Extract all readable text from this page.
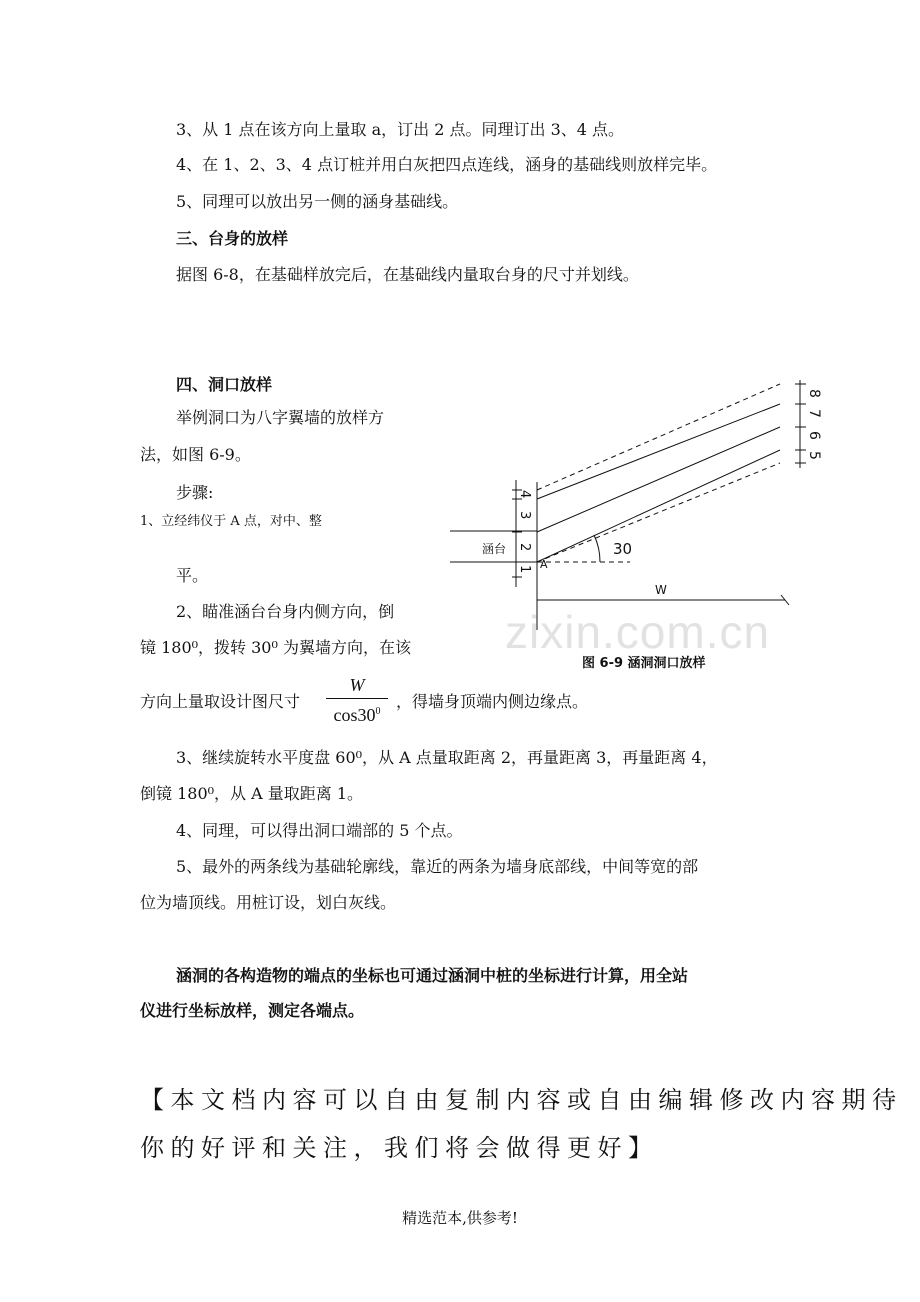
3、从 1 点在该方向上量取 a，订出 2 点。同理订出 3、4 点。

4、在 1、2、3、4 点订桩并用白灰把四点连线，涵身的基础线则放样完毕。

5、同理可以放出另一侧的涵身基础线。

三、台身的放样

据图 6-8，在基础样放完后，在基础线内量取台身的尺寸并划线。

四、洞口放样

举例洞口为八字翼墙的放样方

法，如图 6-9。

步骤:

1、立经纬仪于 A 点，对中、整

平。

2、瞄准涵台台身内侧方向，倒

镜 180⁰，拨转 30⁰ 为翼墙方向，在该

方向上量取设计图尺寸

W
$\cos 30^0$

，得墙身顶端内侧边缘点。

3、继续旋转水平度盘 60⁰，从 A 点量取距离 2，再量距离 3，再量距离 4，

倒镜 180⁰，从 A 量取距离 1。

4、同理，可以得出洞口端部的 5 个点。

5、最外的两条线为基础轮廓线，靠近的两条为墙身底部线，中间等宽的部

位为墙顶线。用桩订设，划白灰线。

涵洞的各构造物的端点的坐标也可通过涵洞中桩的坐标进行计算，用全站

仪进行坐标放样，测定各端点。

涵台
A
30
W
4
3
2
1
8
7
6
5
zixin.com.cn
图 6-9 涵洞洞口放样
【本文档内容可以自由复制内容或自由编辑修改内容期待
你的好评和关注，我们将会做得更好】
精选范本,供参考!
